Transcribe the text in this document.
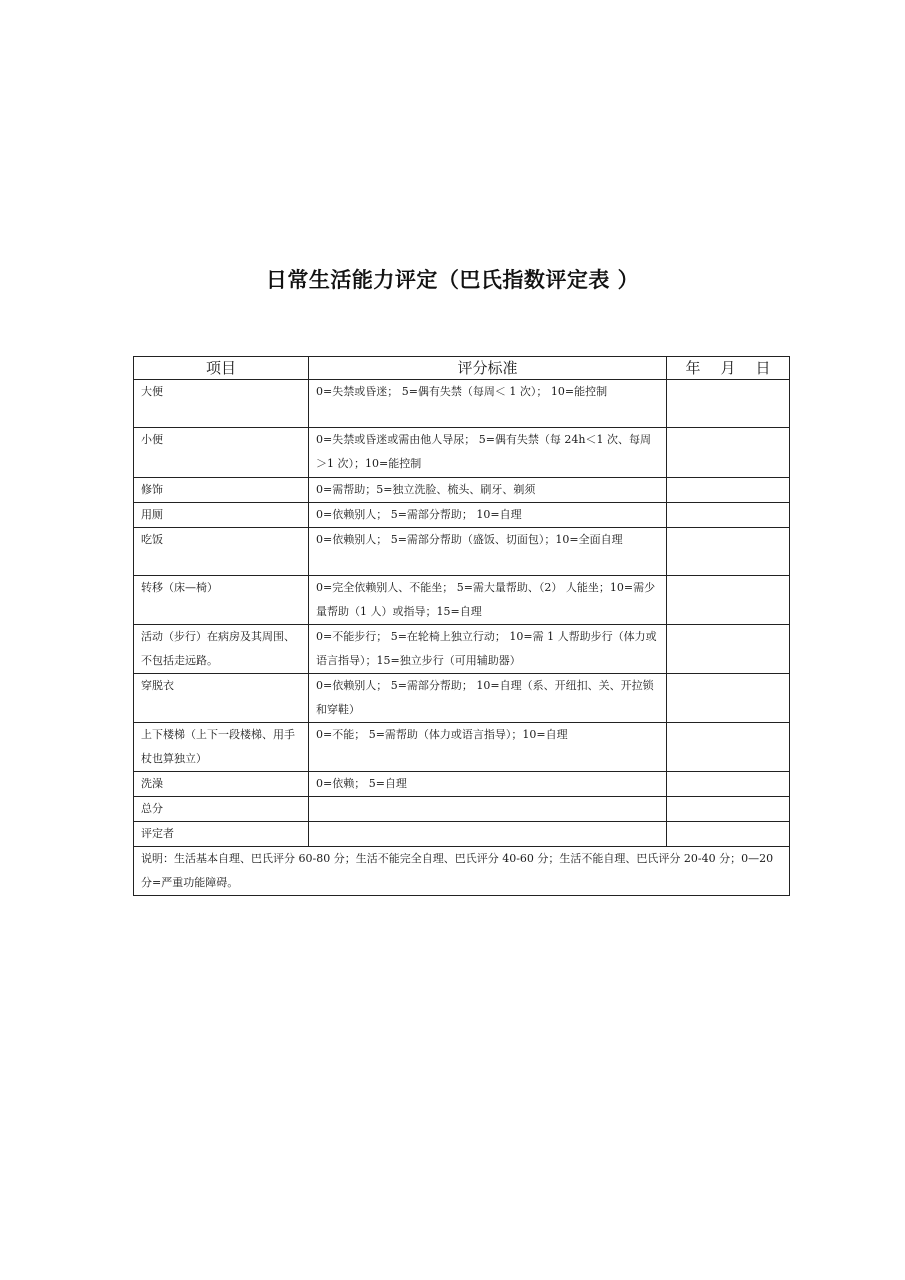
日常生活能力评定（巴氏指数评定表 ）
项目	评分标准	年 月 日
大便	0=失禁或昏迷； 5=偶有失禁（每周＜ 1 次）； 10=能控制	
小便	0=失禁或昏迷或需由他人导尿； 5=偶有失禁（每 24h＜1 次、每周＞1 次）；10=能控制	
修饰	0=需帮助；5=独立洗脸、梳头、刷牙、剃须	
用厕	0=依赖别人； 5=需部分帮助； 10=自理	
吃饭	0=依赖别人； 5=需部分帮助（盛饭、切面包）；10=全面自理	
转移（床—椅）	0=完全依赖别人、不能坐； 5=需大量帮助、（2） 人能坐；10=需少量帮助（1 人）或指导；15=自理	
活动（步行）在病房及其周围、不包括走远路。	0=不能步行； 5=在轮椅上独立行动； 10=需 1 人帮助步行（体力或语言指导）；15=独立步行（可用辅助器）	
穿脱衣	0=依赖别人； 5=需部分帮助； 10=自理（系、开纽扣、关、开拉锁和穿鞋）	
上下楼梯（上下一段楼梯、用手杖也算独立）	0=不能； 5=需帮助（体力或语言指导）；10=自理	
洗澡	0=依赖； 5=自理	
总分		
评定者		
说明：生活基本自理、巴氏评分 60-80 分；生活不能完全自理、巴氏评分 40-60 分；生活不能自理、巴氏评分 20-40 分；0—20 分=严重功能障碍。		
